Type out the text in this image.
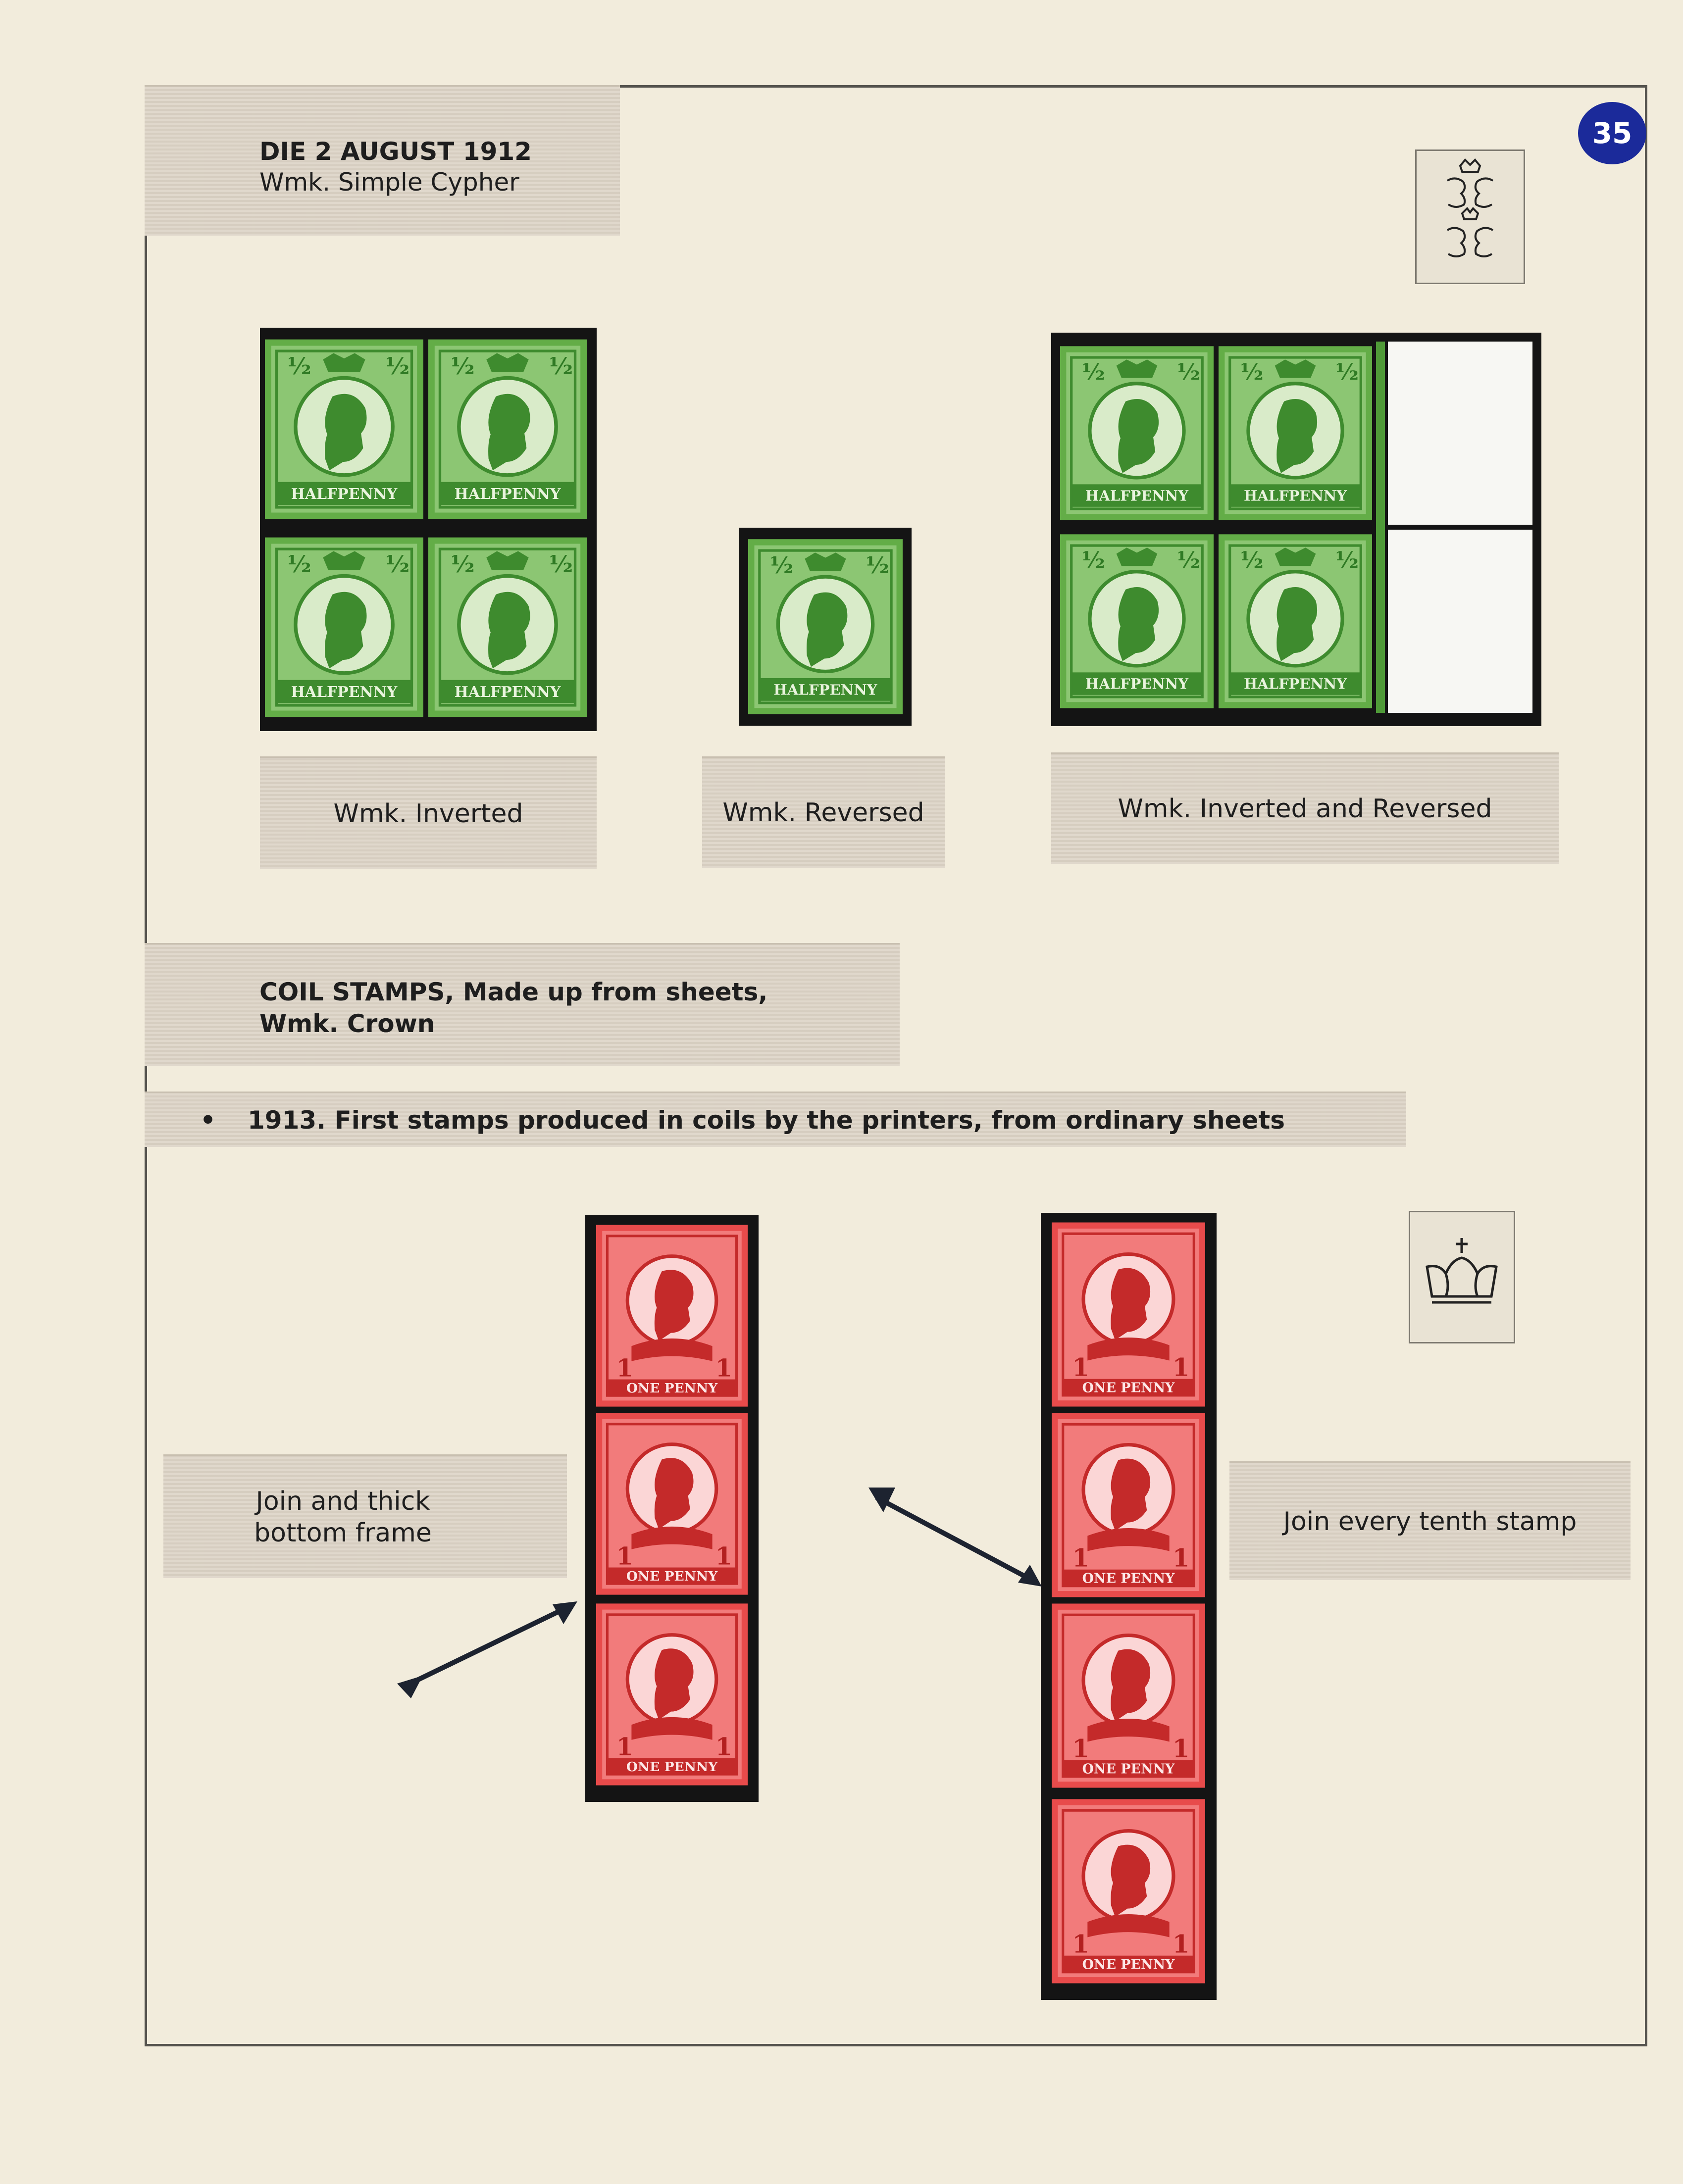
35
DIE 2 AUGUST 1912
Wmk. Simple Cypher
Wmk. Inverted	Wmk. Reversed	Wmk. Inverted and Reversed
COIL STAMPS, Made up from sheets,
Wmk. Crown
•	1913. First stamps produced in coils by the printers, from ordinary sheets
Join and thick
bottom frame	Join every tenth stamp
